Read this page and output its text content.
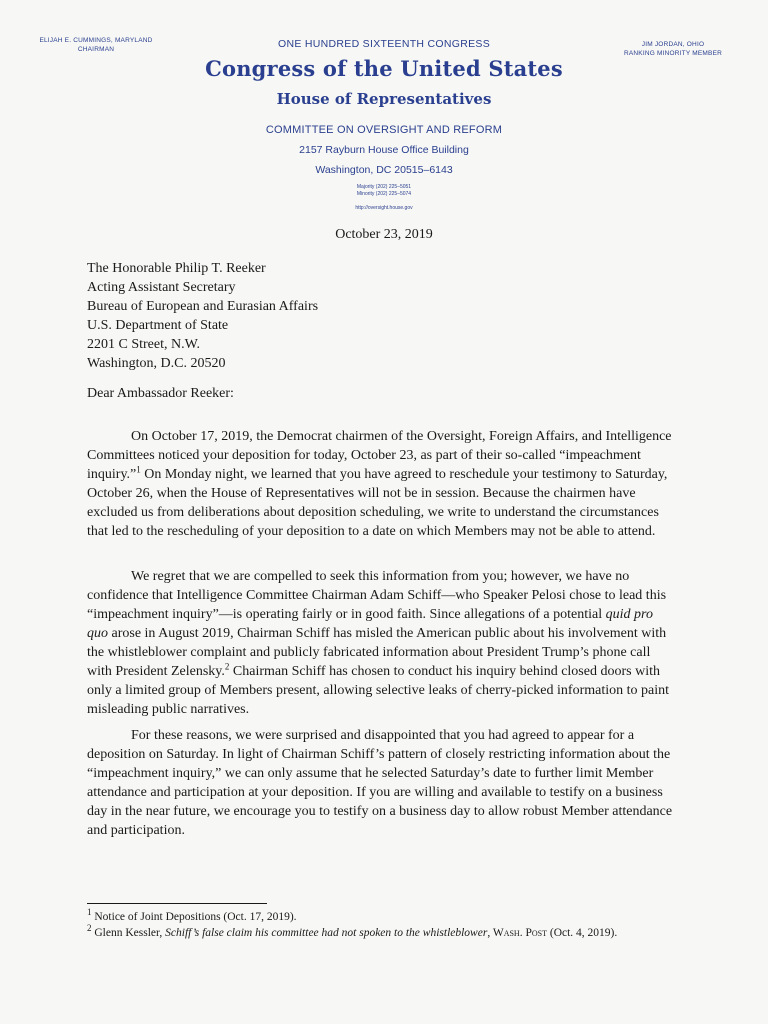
ELIJAH E. CUMMINGS, MARYLAND
CHAIRMAN	ONE HUNDRED SIXTEENTH CONGRESS	JIM JORDAN, OHIO
RANKING MINORITY MEMBER
Congress of the United States
House of Representatives
COMMITTEE ON OVERSIGHT AND REFORM
2157 Rayburn House Office Building
Washington, DC 20515–6143
Majority (202) 225–5051
Minority (202) 225–5074
http://oversight.house.gov
October 23, 2019
The Honorable Philip T. Reeker
Acting Assistant Secretary
Bureau of European and Eurasian Affairs
U.S. Department of State
2201 C Street, N.W.
Washington, D.C. 20520
Dear Ambassador Reeker:
On October 17, 2019, the Democrat chairmen of the Oversight, Foreign Affairs, and Intelligence Committees noticed your deposition for today, October 23, as part of their so-called “impeachment inquiry.”$^1$ On Monday night, we learned that you have agreed to reschedule your testimony to Saturday, October 26, when the House of Representatives will not be in session. Because the chairmen have excluded us from deliberations about deposition scheduling, we write to understand the circumstances that led to the rescheduling of your deposition to a date on which Members may not be able to attend.
We regret that we are compelled to seek this information from you; however, we have no confidence that Intelligence Committee Chairman Adam Schiff—who Speaker Pelosi chose to lead this “impeachment inquiry”—is operating fairly or in good faith. Since allegations of a potential quid pro quo arose in August 2019, Chairman Schiff has misled the American public about his involvement with the whistleblower complaint and publicly fabricated information about President Trump’s phone call with President Zelensky.$^2$ Chairman Schiff has chosen to conduct his inquiry behind closed doors with only a limited group of Members present, allowing selective leaks of cherry-picked information to paint misleading public narratives.
For these reasons, we were surprised and disappointed that you had agreed to appear for a deposition on Saturday. In light of Chairman Schiff’s pattern of closely restricting information about the “impeachment inquiry,” we can only assume that he selected Saturday’s date to further limit Member attendance and participation at your deposition. If you are willing and available to testify on a business day in the near future, we encourage you to testify on a business day to allow robust Member attendance and participation.
$^1$ Notice of Joint Depositions (Oct. 17, 2019).
$^2$ Glenn Kessler, Schiff’s false claim his committee had not spoken to the whistleblower, Wash. Post (Oct. 4, 2019).
